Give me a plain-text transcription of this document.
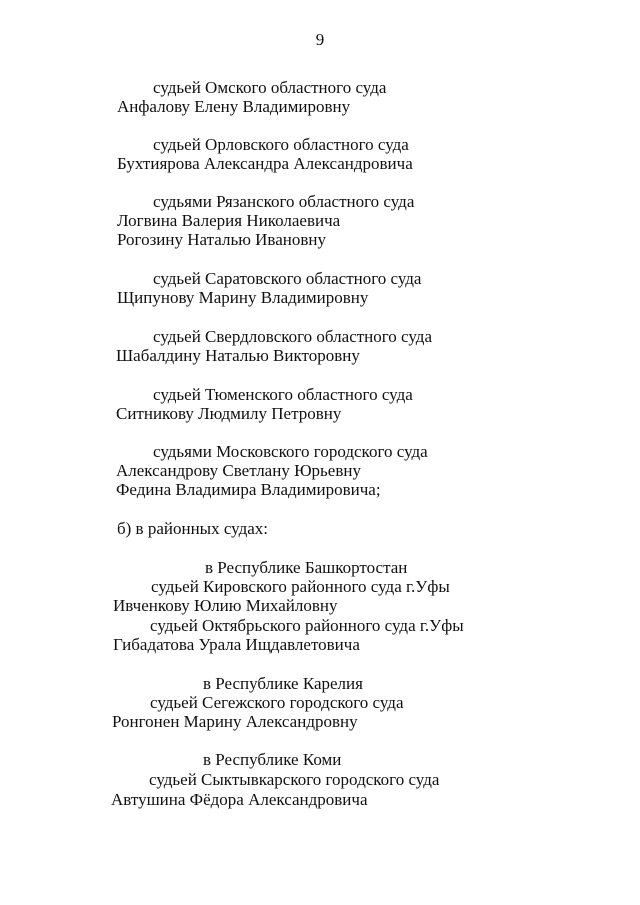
9
судьей Омского областного суда
Анфалову Елену Владимировну
судьей Орловского областного суда
Бухтиярова Александра Александровича
судьями Рязанского областного суда
Логвина Валерия Николаевича
Рогозину Наталью Ивановну
судьей Саратовского областного суда
Щипунову Марину Владимировну
судьей Свердловского областного суда
Шабалдину Наталью Викторовну
судьей Тюменского областного суда
Ситникову Людмилу Петровну
судьями Московского городского суда
Александрову Светлану Юрьевну
Федина Владимира Владимировича;
б) в районных судах:
в Республике Башкортостан
судьей Кировского районного суда г.Уфы
Ивченкову Юлию Михайловну
судьей Октябрьского районного суда г.Уфы
Гибадатова Урала Ищдавлетовича
в Республике Карелия
судьей Сегежского городского суда
Ронгонен Марину Александровну
в Республике Коми
судьей Сыктывкарского городского суда
Автушина Фёдора Александровича
